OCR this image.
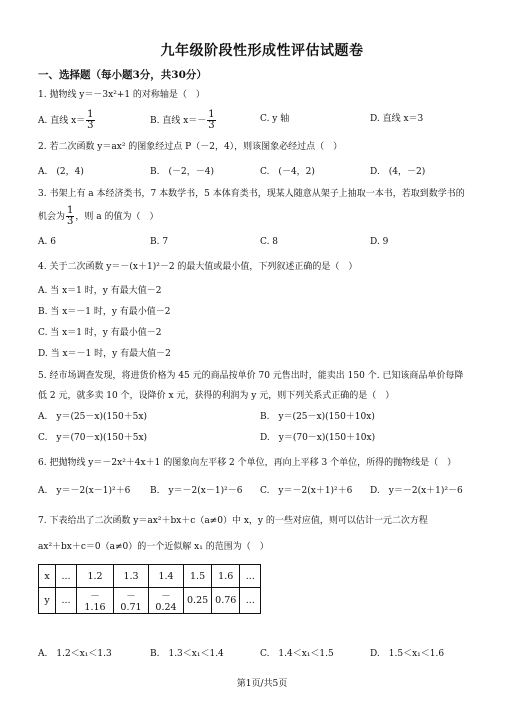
九年级阶段性形成性评估试题卷
一、选择题（每小题3分，共30分）
1. 抛物线 y＝－3x²+1 的对称轴是（　）
A. 直线 $x= \frac{1}{3}$	B. 直线 $x=- \frac{1}{3}$	C. y 轴	D. 直线 x＝3
2. 若二次函数 y＝ax² 的图象经过点 P（－2，4），则该图象必经过点（　）
A.　(2，4)	B.　(－2，－4)	C.　(－4，2)	D.　(4，－2)
3. 书架上有 a 本经济类书，7 本数学书，5 本体育类书，现某人随意从架子上抽取一本书，若取到数学书的
机会为 $\frac{1}{3}$ ，则 a 的值为（　）
A. 6	B. 7	C. 8	D. 9
4. 关于二次函数 y＝－(x＋1)²－2 的最大值或最小值，下列叙述正确的是（　）
A. 当 x＝1 时，y 有最大值－2
B. 当 x＝－1 时，y 有最小值－2
C. 当 x＝1 时，y 有最小值－2
D. 当 x＝－1 时，y 有最大值－2
5. 经市场调查发现，将进货价格为 45 元的商品按单价 70 元售出时，能卖出 150 个. 已知该商品单价每降
低 2 元，就多卖 10 个，设降价 x 元，获得的利润为 y 元，则下列关系式正确的是（　）
A.　y＝(25－x)(150＋5x)	B.　y＝(25－x)(150＋10x)
C.　y＝(70－x)(150＋5x)	D.　y＝(70－x)(150＋10x)
6. 把抛物线 y＝－2x²＋4x＋1 的图象向左平移 2 个单位，再向上平移 3 个单位，所得的抛物线是（　）
A.　y＝－2(x－1)²＋6 B.　y＝－2(x－1)²－6 C.　y＝－2(x＋1)²＋6 D.　y＝－2(x＋1)²－6
7. 下表给出了二次函数 y＝ax²＋bx＋c（a≠0）中 x，y 的一些对应值，则可以估计一元二次方程
ax²＋bx＋c＝0（a≠0）的一个近似解 x₁ 的范围为（　）
x	...	1.2	1.3	1.4	1.5	1.6	...
y	...	－1.16	－0.71	－0.24	0.25	0.76	...
A.　1.2＜x₁＜1.3	B.　1.3＜x₁＜1.4	C.　1.4＜x₁＜1.5	D.　1.5＜x₁＜1.6
第1页/共5页
